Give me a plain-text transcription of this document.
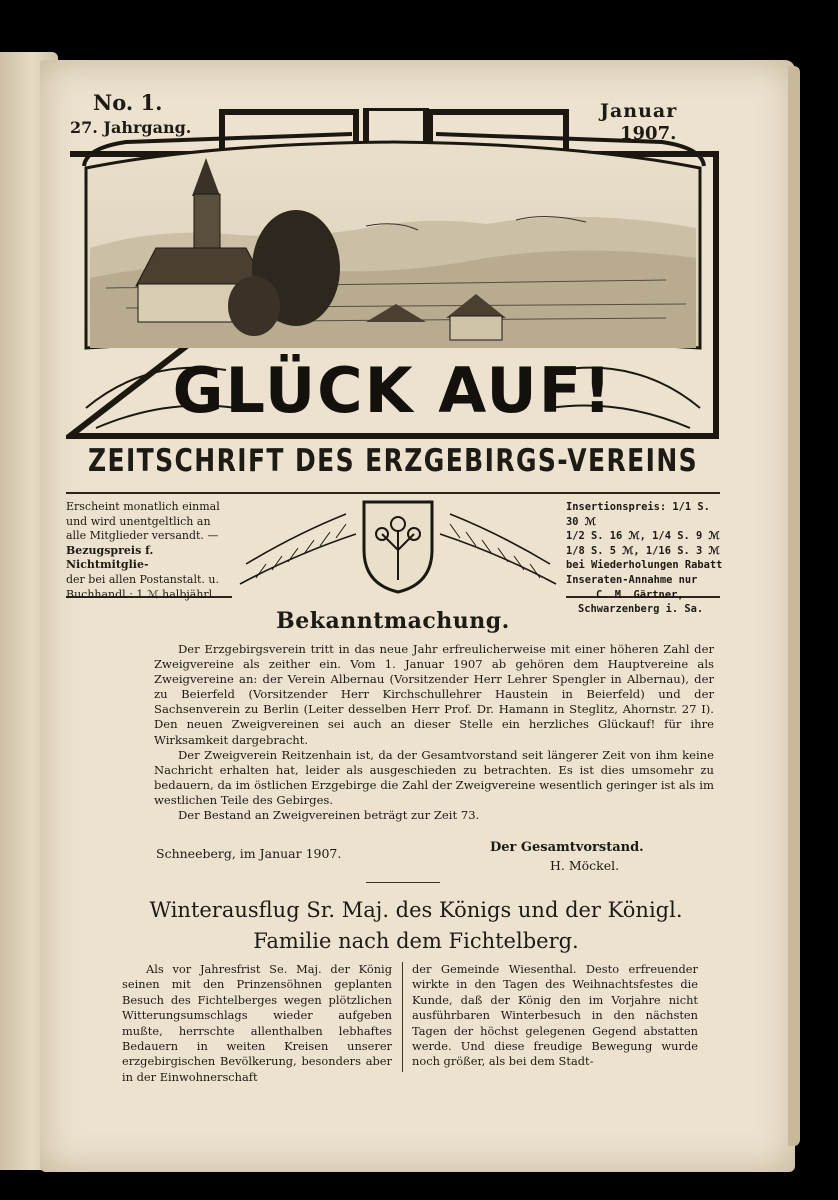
No. 1.
27. Jahrgang.
Januar
1907.
GLÜCK AUF!
ZEITSCHRIFT DES ERZGEBIRGS-VEREINS
Erscheint monatlich einmal
und wird unentgeltlich an
alle Mitglieder versandt. —
Bezugspreis f. Nichtmitglie-
der bei allen Postanstalt. u.
Buchhandl.: 1 ℳ halbjährl.
Insertionspreis: 1/1 S. 30 ℳ
1/2 S. 16 ℳ, 1/4 S. 9 ℳ
1/8 S. 5 ℳ, 1/16 S. 3 ℳ
bei Wiederholungen Rabatt
Inseraten-Annahme nur
C. M. Gärtner,
Schwarzenberg i. Sa.
Bekanntmachung.

Der Erzgebirgsverein tritt in das neue Jahr erfreulicherweise mit einer höheren Zahl der Zweigvereine als zeither ein. Vom 1. Januar 1907 ab gehören dem Hauptvereine als Zweigvereine an: der Verein Albernau (Vorsitzender Herr Lehrer Spengler in Albernau), der zu Beierfeld (Vorsitzender Herr Kirchschullehrer Haustein in Beierfeld) und der Sachsenverein zu Berlin (Leiter desselben Herr Prof. Dr. Hamann in Steglitz, Ahornstr. 27 I). Den neuen Zweigvereinen sei auch an dieser Stelle ein herzliches Glückauf! für ihre Wirksamkeit dargebracht.

Der Zweigverein Reitzenhain ist, da der Gesamtvorstand seit längerer Zeit von ihm keine Nachricht erhalten hat, leider als ausgeschieden zu betrachten. Es ist dies umsomehr zu bedauern, da im östlichen Erzgebirge die Zahl der Zweigvereine wesentlich geringer ist als im westlichen Teile des Gebirges.

Der Bestand an Zweigvereinen beträgt zur Zeit 73.

Schneeberg, im Januar 1907.	Der Gesamtvorstand.
H. Möckel.
Winterausflug Sr. Maj. des Königs und der Königl.
Familie nach dem Fichtelberg.

Als vor Jahresfrist Se. Maj. der König seinen mit den Prinzensöhnen geplanten Besuch des Fichtelberges wegen plötzlichen Witterungsumschlags wieder aufgeben mußte, herrschte allenthalben lebhaftes Bedauern in weiten Kreisen unserer erzgebirgischen Bevölkerung, besonders aber in der Einwohnerschaft

der Gemeinde Wiesenthal. Desto erfreuender wirkte in den Tagen des Weihnachtsfestes die Kunde, daß der König den im Vorjahre nicht ausführbaren Winterbesuch in den nächsten Tagen der höchst gelegenen Gegend abstatten werde. Und diese freudige Bewegung wurde noch größer, als bei dem Stadt-
